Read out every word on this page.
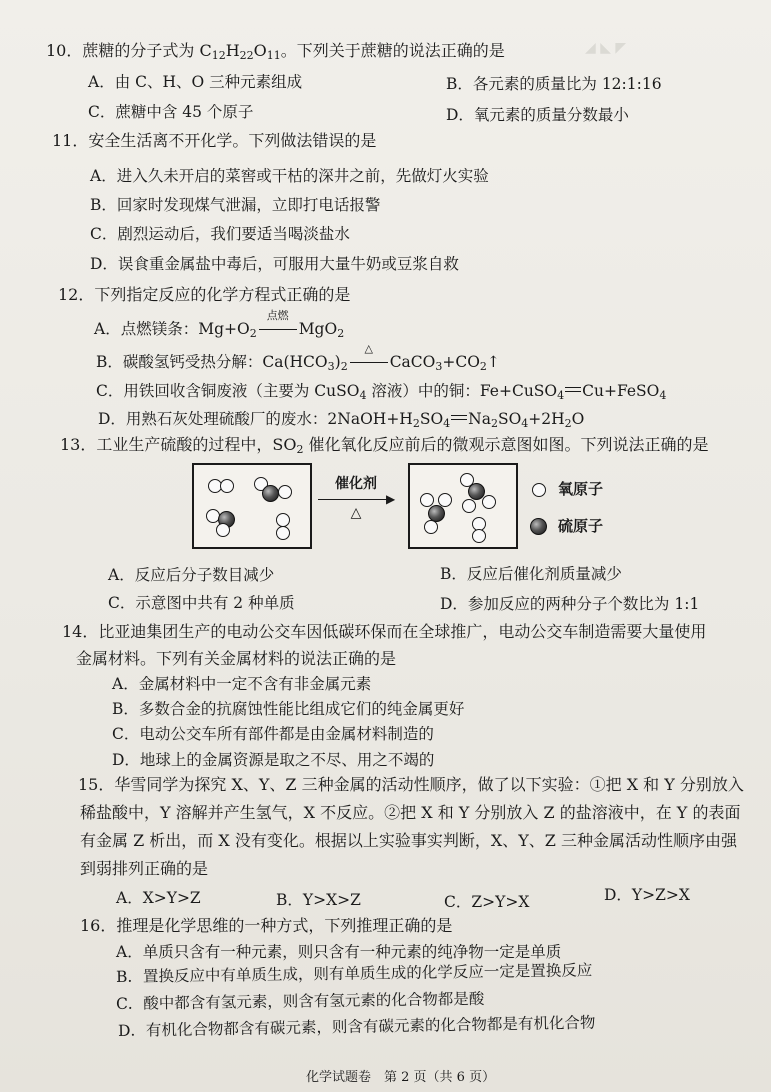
◢ ◣ ◤
10．蔗糖的分子式为 $C_{12}H_{22}O_{11}$。下列关于蔗糖的说法正确的是
A．由 C、H、O 三种元素组成	B．各元素的质量比为 12:1:16
C．蔗糖中含 45 个原子	D．氧元素的质量分数最小
11．安全生活离不开化学。下列做法错误的是
A．进入久未开启的菜窖或干枯的深井之前，先做灯火实验
B．回家时发现煤气泄漏，立即打电话报警
C．剧烈运动后，我们要适当喝淡盐水
D．误食重金属盐中毒后，可服用大量牛奶或豆浆自救
12．下列指定反应的化学方程式正确的是
A．点燃镁条：$Mg+O_2$
点燃
MgO$_2$
B．碳酸氢钙受热分解：$Ca(HCO_3)_2$
△
$CaCO_3+CO_2↑$
C．用铁回收含铜废液（主要为 CuSO$_4$ 溶液）中的铜：Fe+CuSO$_4$ Cu+FeSO$_4$
D．用熟石灰处理硫酸厂的废水：$2NaOH+H_2SO_4$ $Na_2SO_4+2H_2O$
13．工业生产硫酸的过程中，$SO_2$ 催化氧化反应前后的微观示意图如图。下列说法正确的是
催化剂
▶
△
氧原子
硫原子
A．反应后分子数目减少	B．反应后催化剂质量减少
C．示意图中共有 2 种单质	D．参加反应的两种分子个数比为 1:1
14．比亚迪集团生产的电动公交车因低碳环保而在全球推广，电动公交车制造需要大量使用
金属材料。下列有关金属材料的说法正确的是
A．金属材料中一定不含有非金属元素
B．多数合金的抗腐蚀性能比组成它们的纯金属更好
C．电动公交车所有部件都是由金属材料制造的
D．地球上的金属资源是取之不尽、用之不竭的
15．华雪同学为探究 X、Y、Z 三种金属的活动性顺序，做了以下实验：①把 X 和 Y 分别放入
稀盐酸中，Y 溶解并产生氢气，X 不反应。②把 X 和 Y 分别放入 Z 的盐溶液中，在 Y 的表面
有金属 Z 析出，而 X 没有变化。根据以上实验事实判断，X、Y、Z 三种金属活动性顺序由强
到弱排列正确的是
A．X>Y>Z	B．Y>X>Z	C．Z>Y>X	D．Y>Z>X
16．推理是化学思维的一种方式，下列推理正确的是
A．单质只含有一种元素，则只含有一种元素的纯净物一定是单质
B．置换反应中有单质生成，则有单质生成的化学反应一定是置换反应
C．酸中都含有氢元素，则含有氢元素的化合物都是酸
D．有机化合物都含有碳元素，则含有碳元素的化合物都是有机化合物
化学试题卷　第 2 页（共 6 页）
